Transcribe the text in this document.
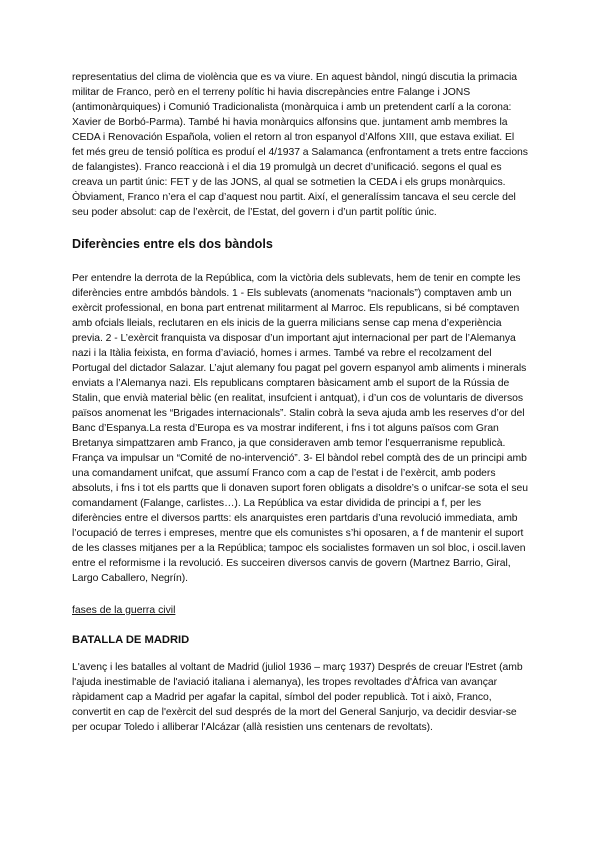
representatius del clima de violència que es va viure. En aquest bàndol, ningú discutia la primacia militar de Franco, però en el terreny polític hi havia discrepàncies entre Falange i JONS (antimonàrquiques) i Comunió Tradicionalista (monàrquica i amb un pretendent carlí a la corona: Xavier de Borbó-Parma). També hi havia monàrquics alfonsins que. juntament amb membres la CEDA i Renovación Española, volien el retorn al tron espanyol d’Alfons XIII, que estava exiliat. El fet més greu de tensió política es produí el 4/1937 a Salamanca (enfrontament a trets entre faccions de falangistes). Franco reaccionà i el dia 19 promulgà un decret d’unificació. segons el qual es creava un partit únic: FET y de las JONS, al qual se sotmetien la CEDA i els grups monàrquics. Òbviament, Franco n’era el cap d’aquest nou partit. Així, el generalíssim tancava el seu cercle del seu poder absolut: cap de l’exèrcit, de l’Estat, del govern i d’un partit polític únic.

Diferències entre els dos bàndols

Per entendre la derrota de la República, com la victòria dels sublevats, hem de tenir en compte les diferències entre ambdós bàndols. 1 - Els sublevats (anomenats “nacionals”) comptaven amb un exèrcit professional, en bona part entrenat militarment al Marroc. Els republicans, si bé comptaven amb ofcials lleials, reclutaren en els inicis de la guerra milicians sense cap mena d’experiència previa. 2 - L’exèrcit franquista va disposar d’un important ajut internacional per part de l’Alemanya nazi i la Itàlia feixista, en forma d’aviació, homes i armes. També va rebre el recolzament del Portugal del dictador Salazar. L’ajut alemany fou pagat pel govern espanyol amb aliments i minerals enviats a l’Alemanya nazi. Els republicans comptaren bàsicament amb el suport de la Rússia de Stalin, que envià material bèlic (en realitat, insufcient i antquat), i d’un cos de voluntaris de diversos països anomenat les “Brigades internacionals”. Stalin cobrà la seva ajuda amb les reserves d’or del Banc d’Espanya.La resta d’Europa es va mostrar indiferent, i fns i tot alguns països com Gran Bretanya simpattzaren amb Franco, ja que consideraven amb temor l’esquerranisme republicà. França va impulsar un “Comité de no-intervenció”. 3- El bàndol rebel comptà des de un principi amb una comandament unifcat, que assumí Franco com a cap de l’estat i de l’exèrcit, amb poders absoluts, i fns i tot els partts que li donaven suport foren obligats a disoldre’s o unifcar-se sota el seu comandament (Falange, carlistes…). La República va estar dividida de principi a f, per les diferències entre el diversos partts: els anarquistes eren partdaris d’una revolució immediata, amb l’ocupació de terres i empreses, mentre que els comunistes s’hi oposaren, a f de mantenir el suport de les classes mitjanes per a la República; tampoc els socialistes formaven un sol bloc, i oscil.laven entre el reformisme i la revolució. Es succeiren diversos canvis de govern (Martnez Barrio, Giral, Largo Caballero, Negrín).

fases de la guerra civil
BATALLA DE MADRID

L'avenç i les batalles al voltant de Madrid (juliol 1936 – març 1937) Després de creuar l'Estret (amb l'ajuda inestimable de l'aviació italiana i alemanya), les tropes revoltades d'Àfrica van avançar ràpidament cap a Madrid per agafar la capital, símbol del poder republicà. Tot i això, Franco, convertit en cap de l'exèrcit del sud després de la mort del General Sanjurjo, va decidir desviar-se per ocupar Toledo i alliberar l'Alcázar (allà resistien uns centenars de revoltats).
